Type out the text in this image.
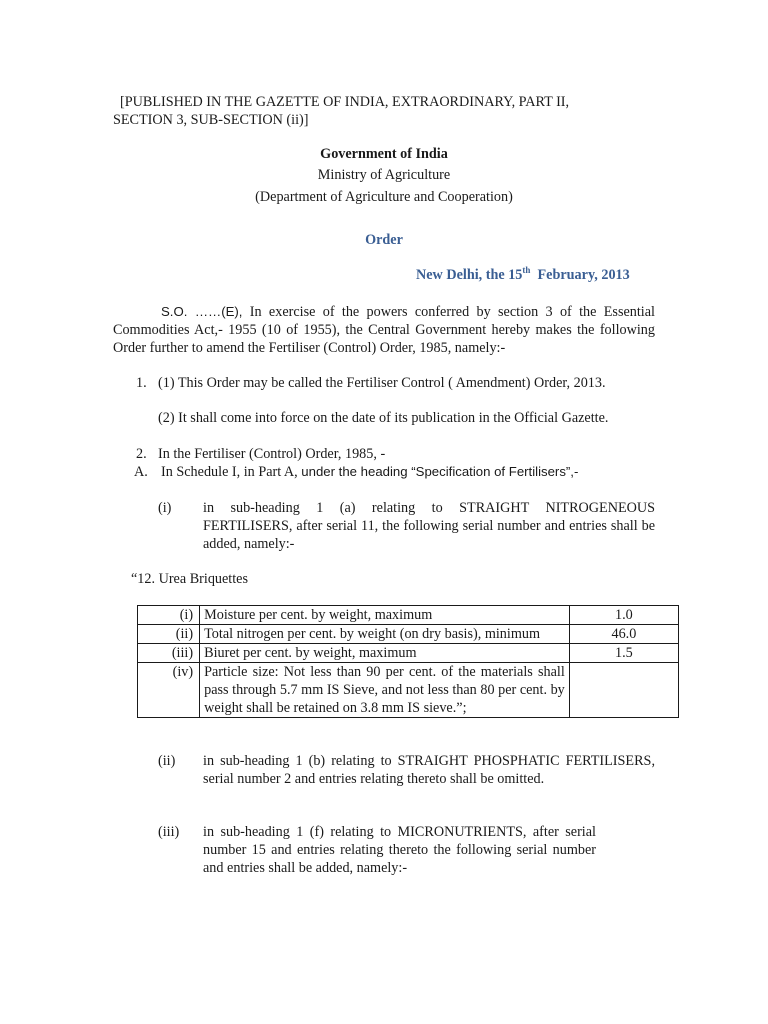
[PUBLISHED IN THE GAZETTE OF INDIA, EXTRAORDINARY, PART II,
SECTION 3, SUB-SECTION (ii)]
Government of India
Ministry of Agriculture
(Department of Agriculture and Cooperation)
Order
New Delhi, the 15th February, 2013
S.O. ……(E), In exercise of the powers conferred by section 3 of the Essential Commodities Act,- 1955 (10 of 1955), the Central Government hereby makes the following Order further to amend the Fertiliser (Control) Order, 1985, namely:-
1. (1) This Order may be called the Fertiliser Control ( Amendment) Order, 2013.
(2) It shall come into force on the date of its publication in the Official Gazette.
2. In the Fertiliser (Control) Order, 1985, -
A. In Schedule I, in Part A, under the heading “Specification of Fertilisers”,-
(i) in sub-heading 1 (a) relating to STRAIGHT NITROGENEOUS FERTILISERS, after serial 11, the following serial number and entries shall be added, namely:-
“12. Urea Briquettes
(i)	Moisture per cent. by weight, maximum	1.0
(ii)	Total nitrogen per cent. by weight (on dry basis), minimum	46.0
(iii)	Biuret per cent. by weight, maximum	1.5
(iv)	Particle size: Not less than 90 per cent. of the materials shall pass through 5.7 mm IS Sieve, and not less than 80 per cent. by weight shall be retained on 3.8 mm IS sieve.”;	
(ii) in sub-heading 1 (b) relating to STRAIGHT PHOSPHATIC FERTILISERS, serial number 2 and entries relating thereto shall be omitted.
(iii) in sub-heading 1 (f) relating to MICRONUTRIENTS, after serial number 15 and entries relating thereto the following serial number and entries shall be added, namely:-
